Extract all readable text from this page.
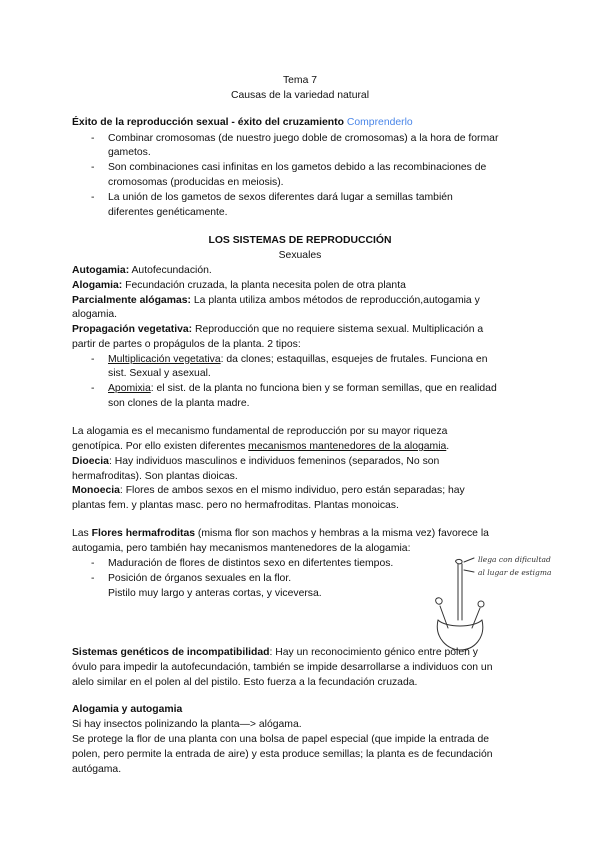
Tema 7
Causas de la variedad natural
Éxito de la reproducción sexual - éxito del cruzamiento Comprenderlo
- Combinar cromosomas (de nuestro juego doble de cromosomas) a la hora de formar
gametos.
- Son combinaciones casi infinitas en los gametos debido a las recombinaciones de
cromosomas (producidas en meiosis).
- La unión de los gametos de sexos diferentes dará lugar a semillas también
diferentes genéticamente.
LOS SISTEMAS DE REPRODUCCIÓN
Sexuales
Autogamia: Autofecundación.
Alogamia: Fecundación cruzada, la planta necesita polen de otra planta
Parcialmente alógamas: La planta utiliza ambos métodos de reproducción,autogamia y
alogamia.
Propagación vegetativa: Reproducción que no requiere sistema sexual. Multiplicación a
partir de partes o propágulos de la planta. 2 tipos:
- Multiplicación vegetativa: da clones; estaquillas, esquejes de frutales. Funciona en
sist. Sexual y asexual.
- Apomixia: el sist. de la planta no funciona bien y se forman semillas, que en realidad
son clones de la planta madre.
La alogamia es el mecanismo fundamental de reproducción por su mayor riqueza
genotípica. Por ello existen diferentes mecanismos mantenedores de la alogamia.
Dioecia: Hay individuos masculinos e individuos femeninos (separados, No son
hermafroditas). Son plantas dioicas.
Monoecia: Flores de ambos sexos en el mismo individuo, pero están separadas; hay
plantas fem. y plantas masc. pero no hermafroditas. Plantas monoicas.
Las Flores hermafroditas (misma flor son machos y hembras a la misma vez) favorece la
autogamia, pero también hay mecanismos mantenedores de la alogamia:
- Maduración de flores de distintos sexo en difertentes tiempos.
- Posición de órganos sexuales en la flor.
Pistilo muy largo y anteras cortas, y viceversa.
llega con dificultad
al lugar de estigma
Sistemas genéticos de incompatibilidad: Hay un reconocimiento génico entre polen y
óvulo para impedir la autofecundación, también se impide desarrollarse a individuos con un
alelo similar en el polen al del pistilo. Esto fuerza a la fecundación cruzada.
Alogamia y autogamia
Si hay insectos polinizando la planta—> alógama.
Se protege la flor de una planta con una bolsa de papel especial (que impide la entrada de
polen, pero permite la entrada de aire) y esta produce semillas; la planta es de fecundación
autógama.
